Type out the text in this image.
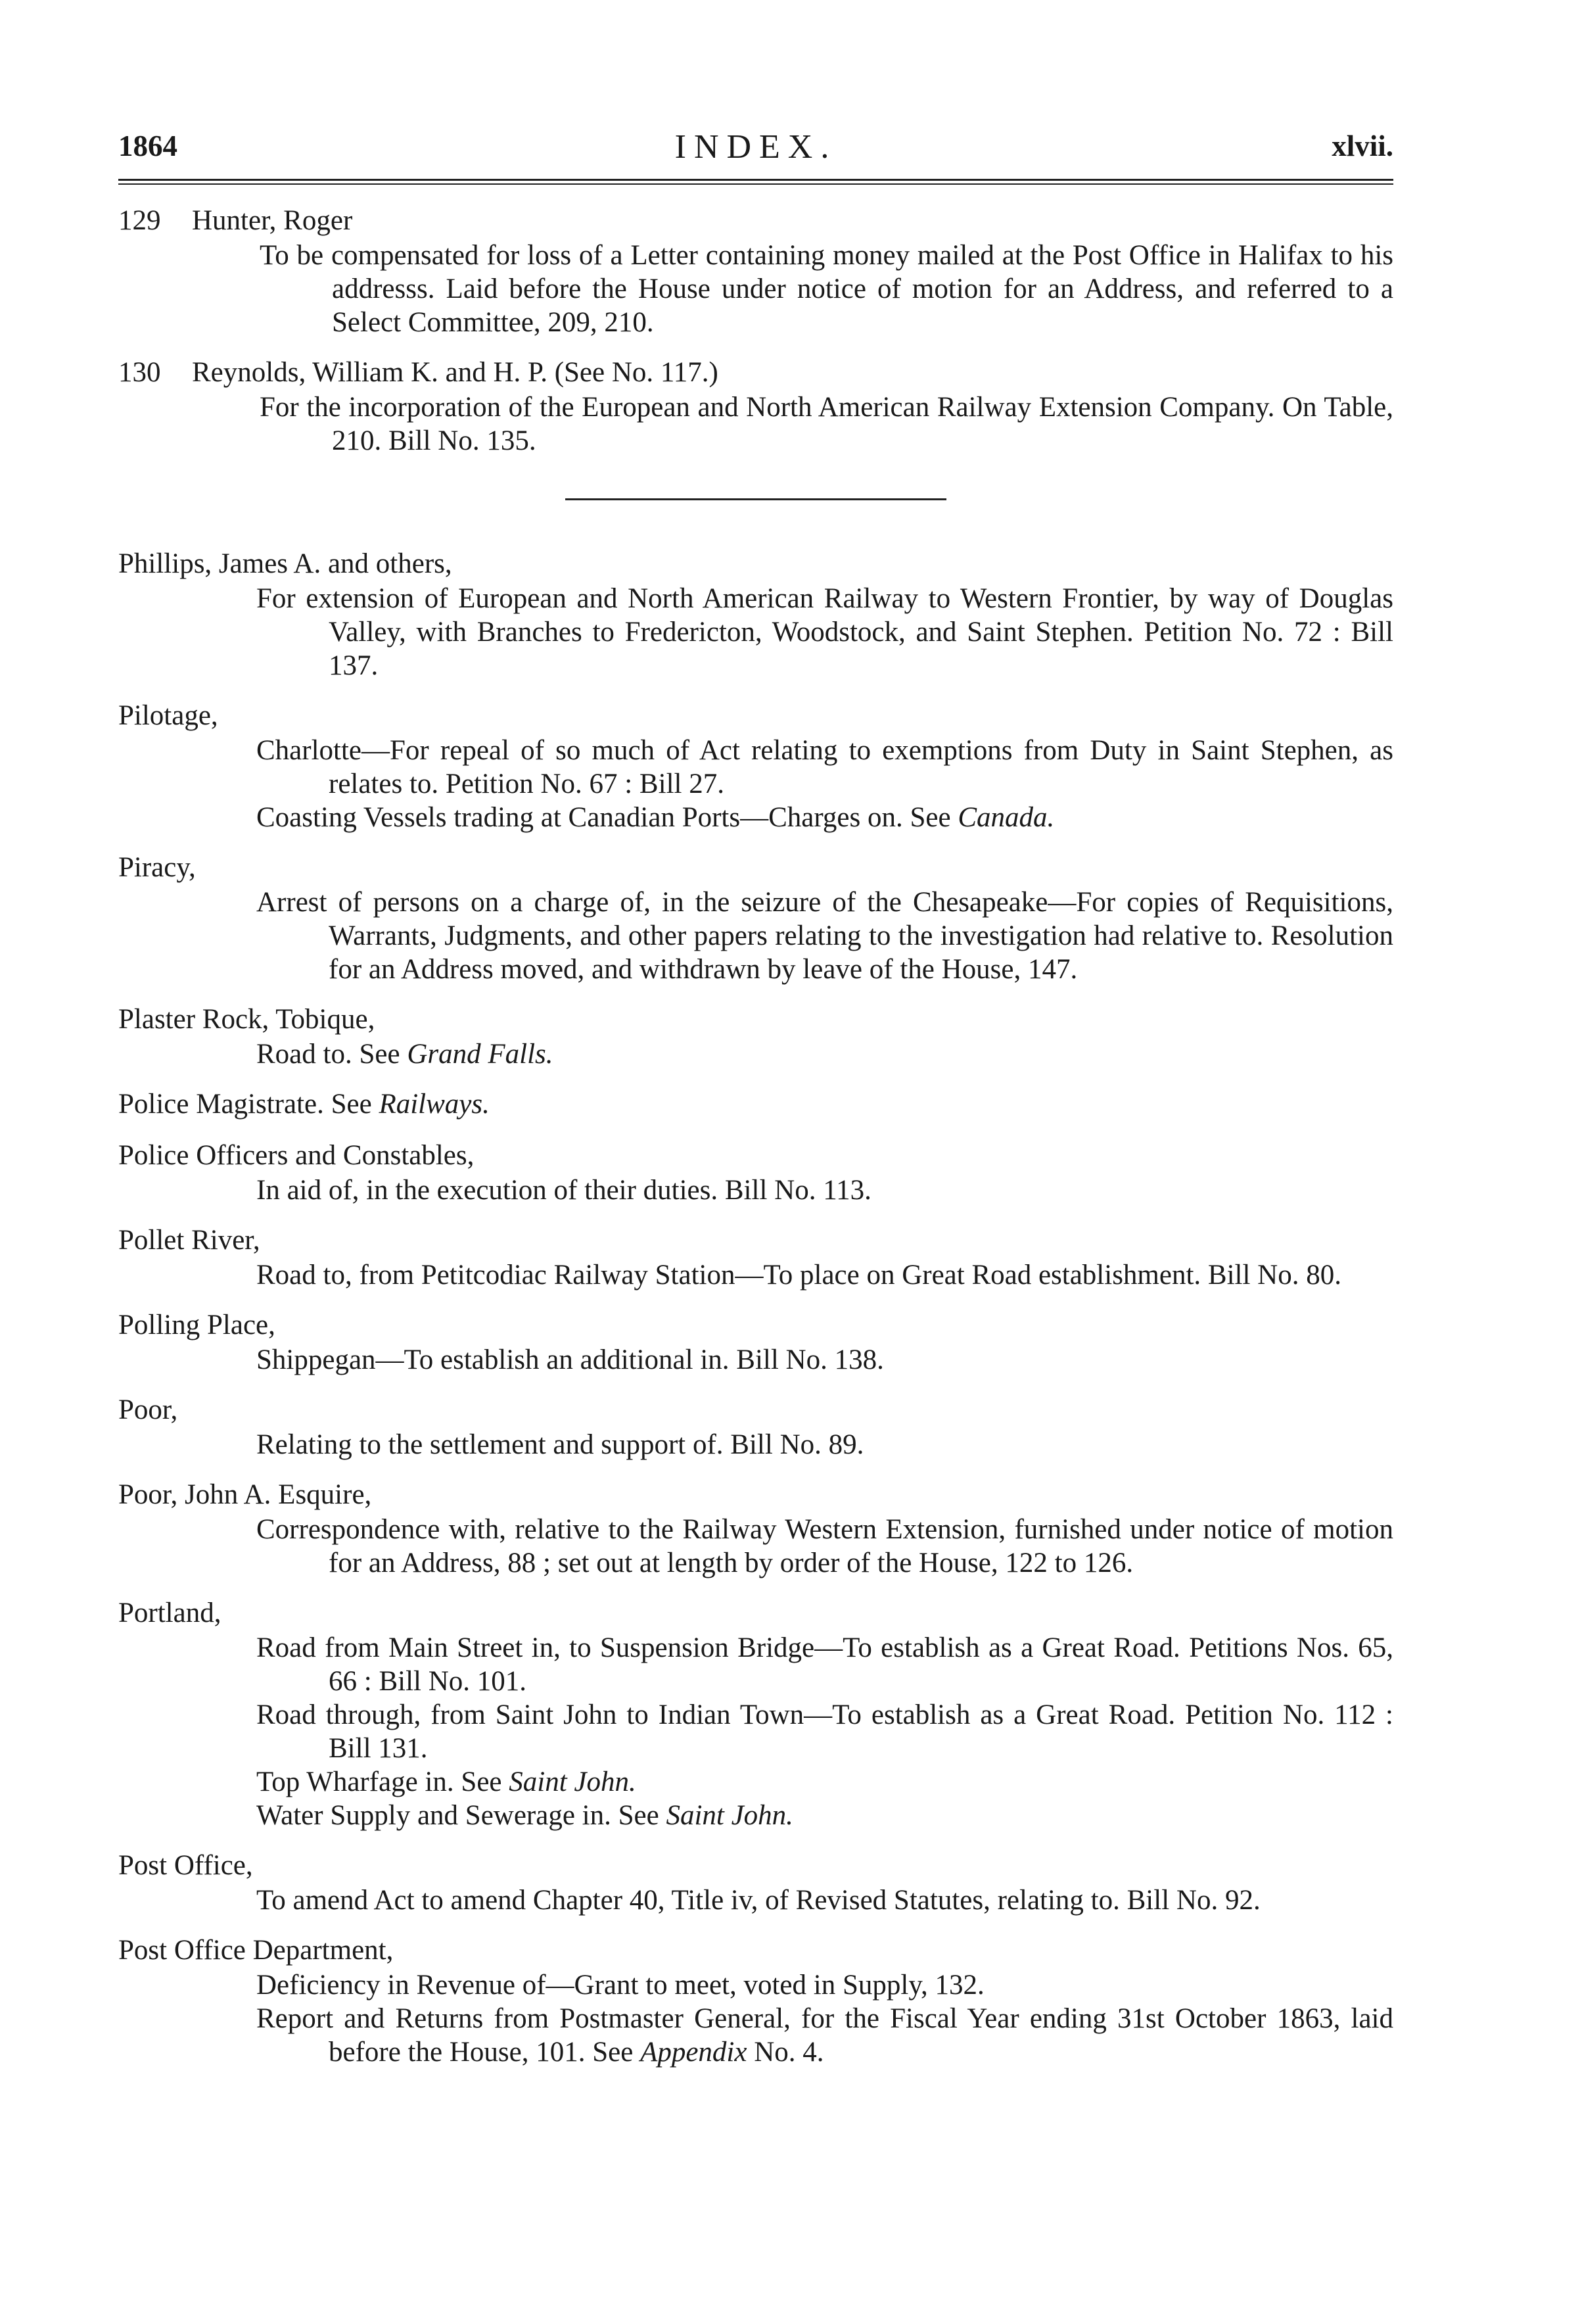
1864	INDEX.	xlvii.
129 Hunter, Roger
To be compensated for loss of a Letter containing money mailed at the Post Office in Halifax to his addresss. Laid before the House under notice of motion for an Address, and referred to a Select Committee, 209, 210.
130 Reynolds, William K. and H. P. (See No. 117.)
For the incorporation of the European and North American Railway Extension Company. On Table, 210. Bill No. 135.
Phillips, James A. and others,
For extension of European and North American Railway to Western Frontier, by way of Douglas Valley, with Branches to Fredericton, Woodstock, and Saint Stephen. Petition No. 72 : Bill 137.
Pilotage,
Charlotte—For repeal of so much of Act relating to exemptions from Duty in Saint Stephen, as relates to. Petition No. 67 : Bill 27.
Coasting Vessels trading at Canadian Ports—Charges on. See Canada.
Piracy,
Arrest of persons on a charge of, in the seizure of the Chesapeake—For copies of Requisitions, Warrants, Judgments, and other papers relating to the investigation had relative to. Resolution for an Address moved, and withdrawn by leave of the House, 147.
Plaster Rock, Tobique,
Road to. See Grand Falls.
Police Magistrate. See Railways.
Police Officers and Constables,
In aid of, in the execution of their duties. Bill No. 113.
Pollet River,
Road to, from Petitcodiac Railway Station—To place on Great Road establishment. Bill No. 80.
Polling Place,
Shippegan—To establish an additional in. Bill No. 138.
Poor,
Relating to the settlement and support of. Bill No. 89.
Poor, John A. Esquire,
Correspondence with, relative to the Railway Western Extension, furnished under notice of motion for an Address, 88 ; set out at length by order of the House, 122 to 126.
Portland,
Road from Main Street in, to Suspension Bridge—To establish as a Great Road. Petitions Nos. 65, 66 : Bill No. 101.
Road through, from Saint John to Indian Town—To establish as a Great Road. Petition No. 112 : Bill 131.
Top Wharfage in. See Saint John.
Water Supply and Sewerage in. See Saint John.
Post Office,
To amend Act to amend Chapter 40, Title iv, of Revised Statutes, relating to. Bill No. 92.
Post Office Department,
Deficiency in Revenue of—Grant to meet, voted in Supply, 132.
Report and Returns from Postmaster General, for the Fiscal Year ending 31st October 1863, laid before the House, 101. See Appendix No. 4.
